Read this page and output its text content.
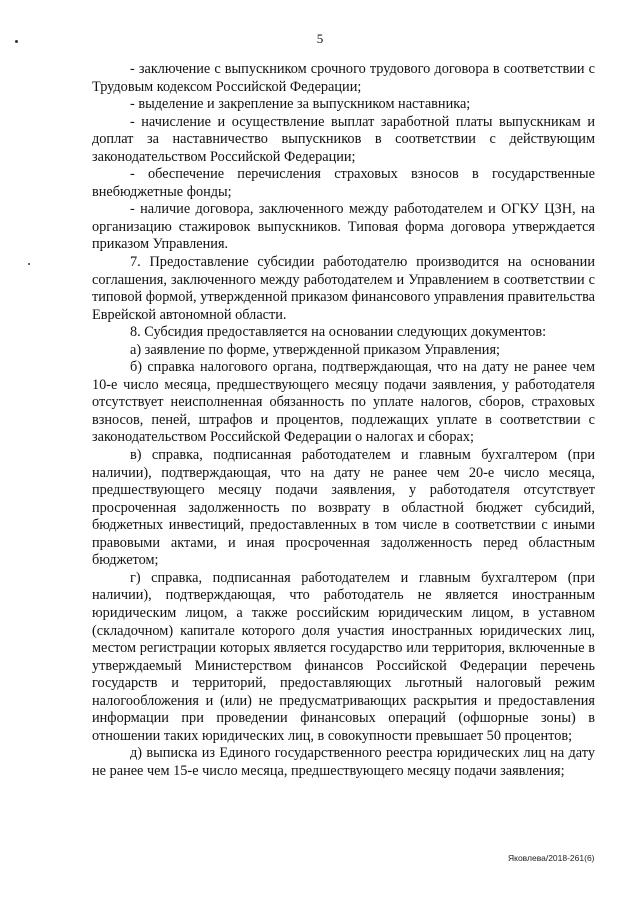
5

- заключение с выпускником срочного трудового договора в соответствии с Трудовым кодексом Российской Федерации;

- выделение и закрепление за выпускником наставника;

- начисление и осуществление выплат заработной платы выпускникам и доплат за наставничество выпускников в соответствии с действующим законодательством Российской Федерации;

- обеспечение перечисления страховых взносов в государственные внебюджетные фонды;

- наличие договора, заключенного между работодателем и ОГКУ ЦЗН, на организацию стажировок выпускников. Типовая форма договора утверждается приказом Управления.

7. Предоставление субсидии работодателю производится на основании соглашения, заключенного между работодателем и Управлением в соответствии с типовой формой, утвержденной приказом финансового управления правительства Еврейской автономной области.

8. Субсидия предоставляется на основании следующих документов:

а) заявление по форме, утвержденной приказом Управления;

б) справка налогового органа, подтверждающая, что на дату не ранее чем 10-е число месяца, предшествующего месяцу подачи заявления, у работодателя отсутствует неисполненная обязанность по уплате налогов, сборов, страховых взносов, пеней, штрафов и процентов, подлежащих уплате в соответствии с законодательством Российской Федерации о налогах и сборах;

в) справка, подписанная работодателем и главным бухгалтером (при наличии), подтверждающая, что на дату не ранее чем 20-е число месяца, предшествующего месяцу подачи заявления, у работодателя отсутствует просроченная задолженность по возврату в областной бюджет субсидий, бюджетных инвестиций, предоставленных в том числе в соответствии с иными правовыми актами, и иная просроченная задолженность перед областным бюджетом;

г) справка, подписанная работодателем и главным бухгалтером (при наличии), подтверждающая, что работодатель не является иностранным юридическим лицом, а также российским юридическим лицом, в уставном (складочном) капитале которого доля участия иностранных юридических лиц, местом регистрации которых является государство или территория, включенные в утверждаемый Министерством финансов Российской Федерации перечень государств и территорий, предоставляющих льготный налоговый режим налогообложения и (или) не предусматривающих раскрытия и предоставления информации при проведении финансовых операций (офшорные зоны) в отношении таких юридических лиц, в совокупности превышает 50 процентов;

д) выписка из Единого государственного реестра юридических лиц на дату не ранее чем 15-е число месяца, предшествующего месяцу подачи заявления;

Яковлева/2018-261(6)
